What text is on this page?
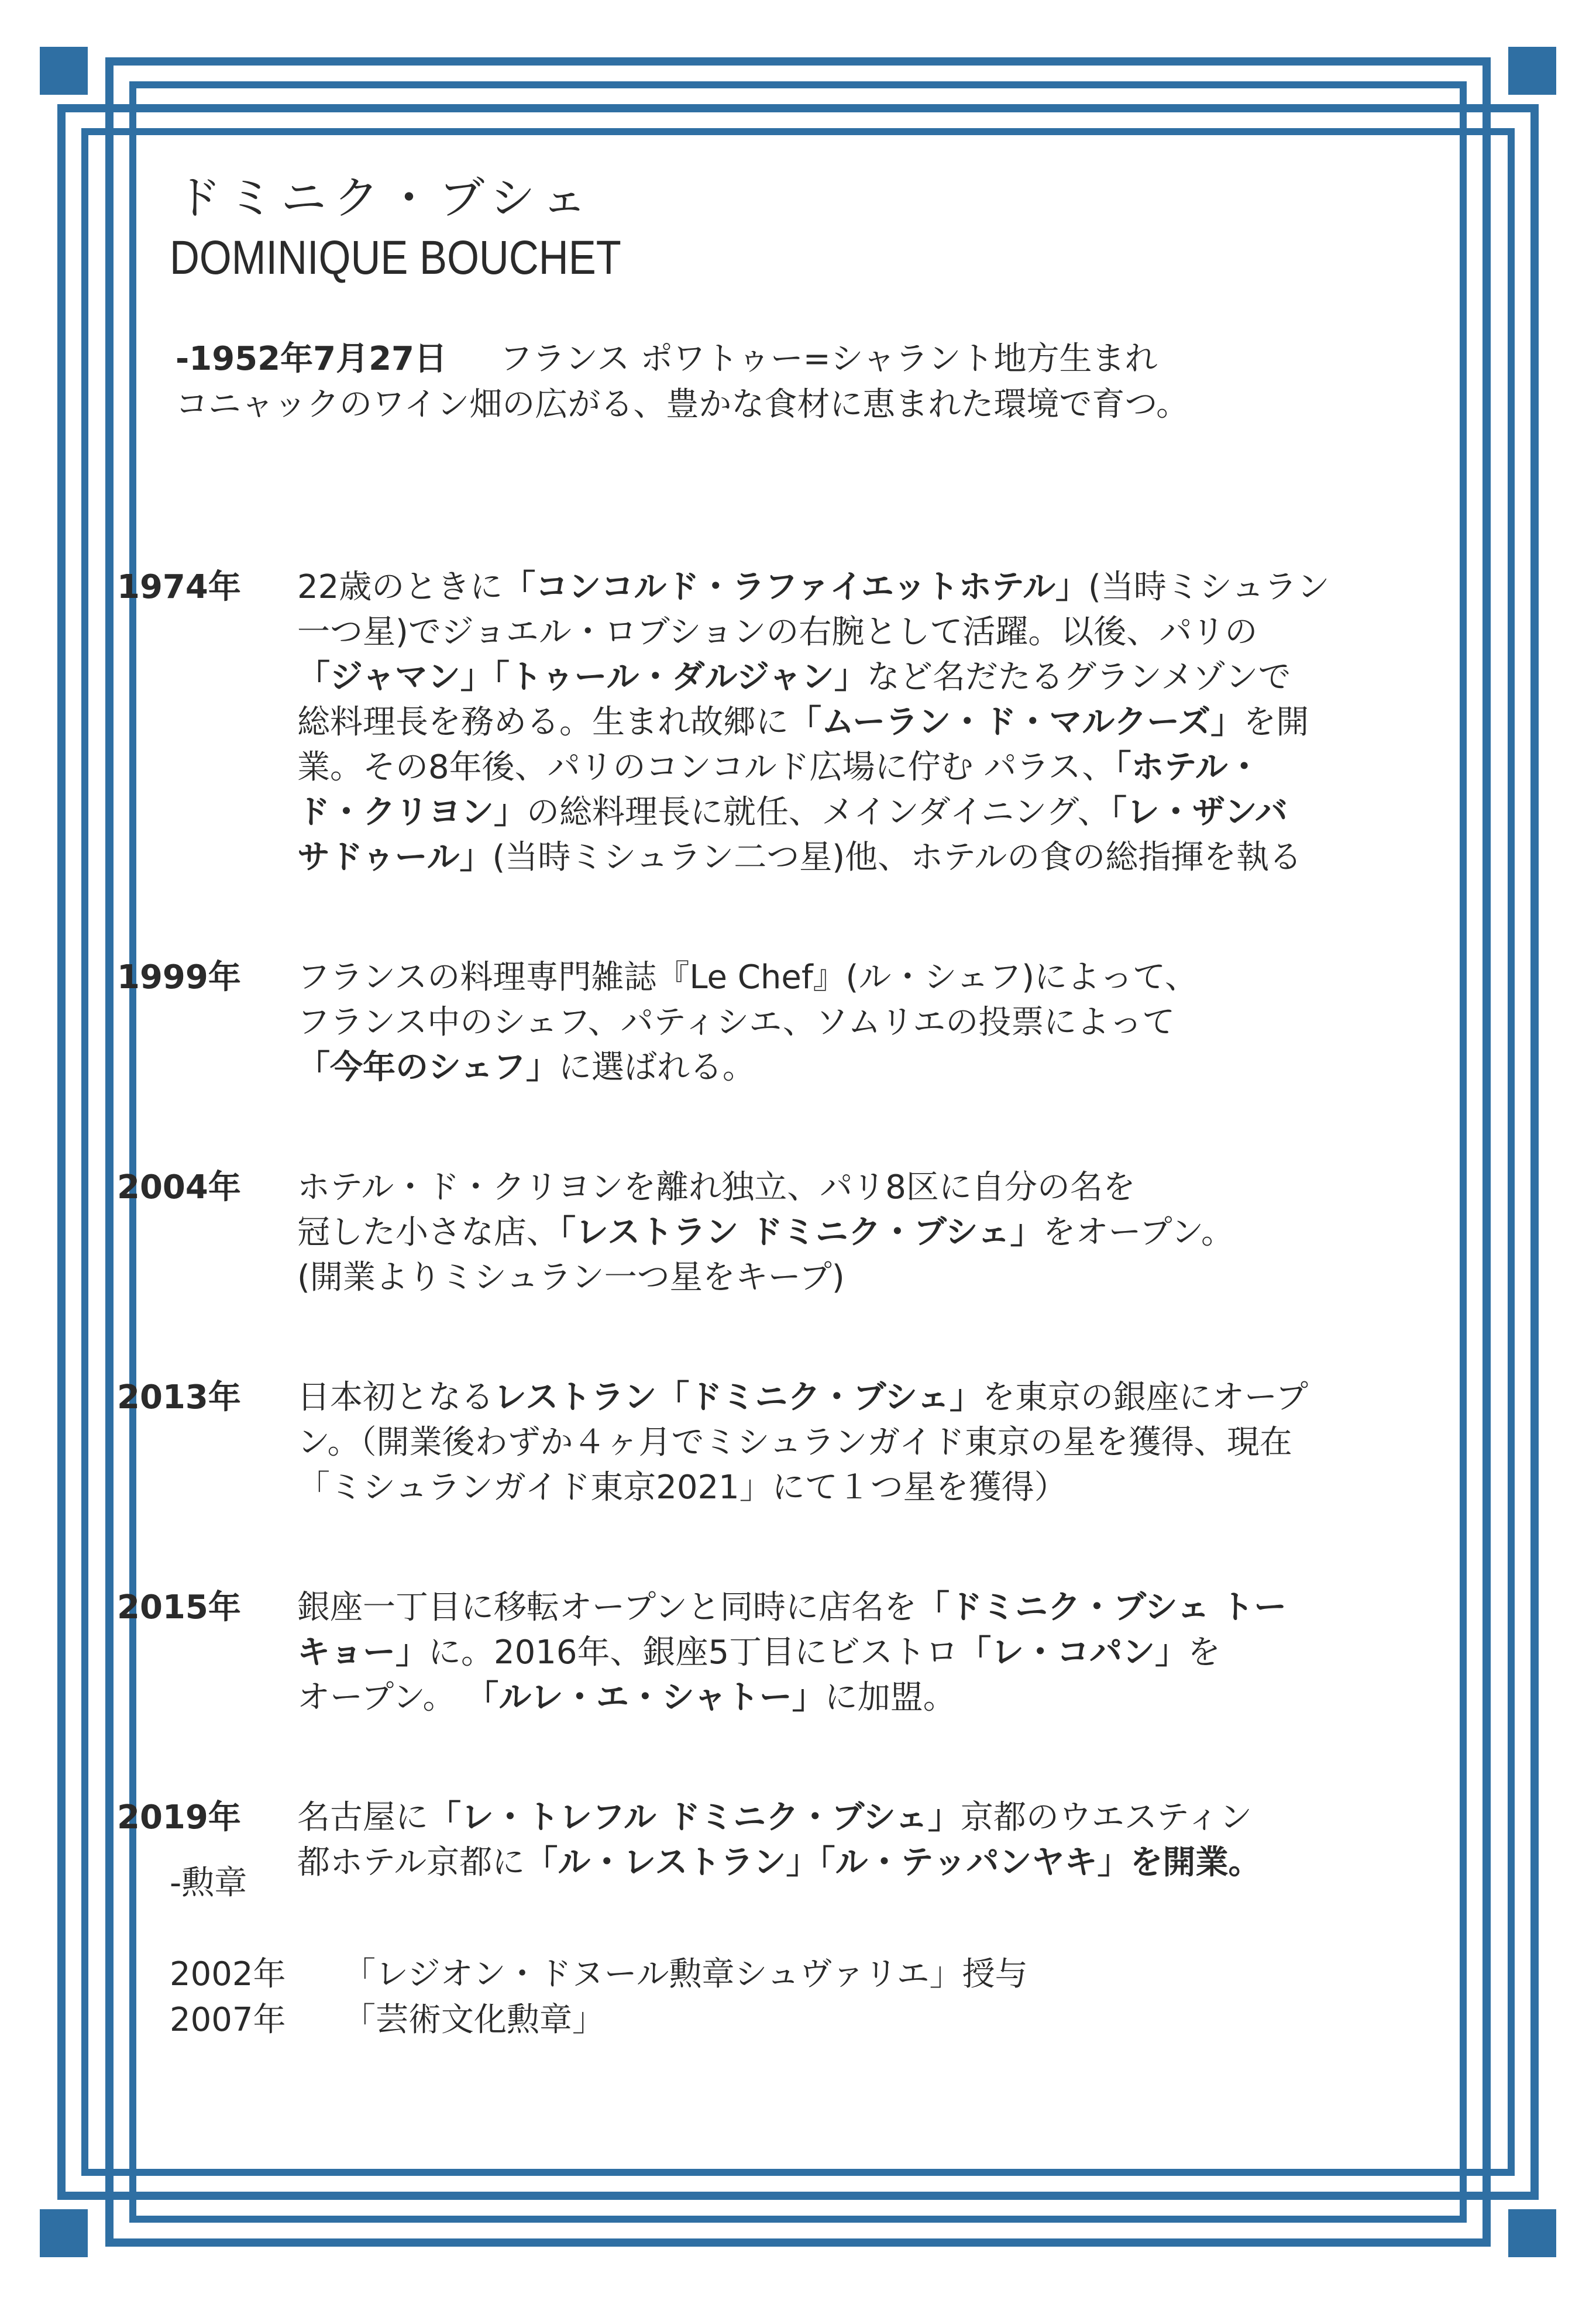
ドミニク・ブシェ
DOMINIQUE BOUCHET
-1952年7月27日 フランス ポワトゥー=シャラント地方生まれ
コニャックのワイン畑の広がる、豊かな食材に恵まれた環境で育つ。
1974年 22歳のときに「コンコルド・ラファイエットホテル」(当時ミシュラン
一つ星)でジョエル・ロブションの右腕として活躍。以後、パリの
「ジャマン」「トゥール・ダルジャン」など名だたるグランメゾンで
総料理長を務める。生まれ故郷に「ムーラン・ド・マルクーズ」を開
業。その8年後、パリのコンコルド広場に佇む パラス、「ホテル・
ド・クリヨン」の総料理長に就任、メインダイニング、「レ・ザンバ
サドゥール」(当時ミシュラン二つ星)他、ホテルの食の総指揮を執る
1999年 フランスの料理専門雑誌『Le Chef』(ル・シェフ)によって、
フランス中のシェフ、パティシエ、ソムリエの投票によって
「今年のシェフ」に選ばれる。
2004年 ホテル・ド・クリヨンを離れ独立、パリ8区に自分の名を
冠した小さな店、「レストラン ドミニク・ブシェ」をオープン。
(開業よりミシュラン一つ星をキープ)
2013年 日本初となるレストラン「ドミニク・ブシェ」を東京の銀座にオープ
ン。（開業後わずか４ヶ月でミシュランガイド東京の星を獲得、現在
「ミシュランガイド東京2021」にて１つ星を獲得）
2015年 銀座一丁目に移転オープンと同時に店名を「ドミニク・ブシェ トー
キョー」に。2016年、銀座5丁目にビストロ「レ・コパン」を
オープン。 「ルレ・エ・シャトー」に加盟。
2019年 名古屋に「レ・トレフル ドミニク・ブシェ」京都のウエスティン
都ホテル京都に「ル・レストラン」「ル・テッパンヤキ」を開業。
-勲章
2002年 「レジオン・ドヌール勲章シュヴァリエ」授与
2007年 「芸術文化勲章」
